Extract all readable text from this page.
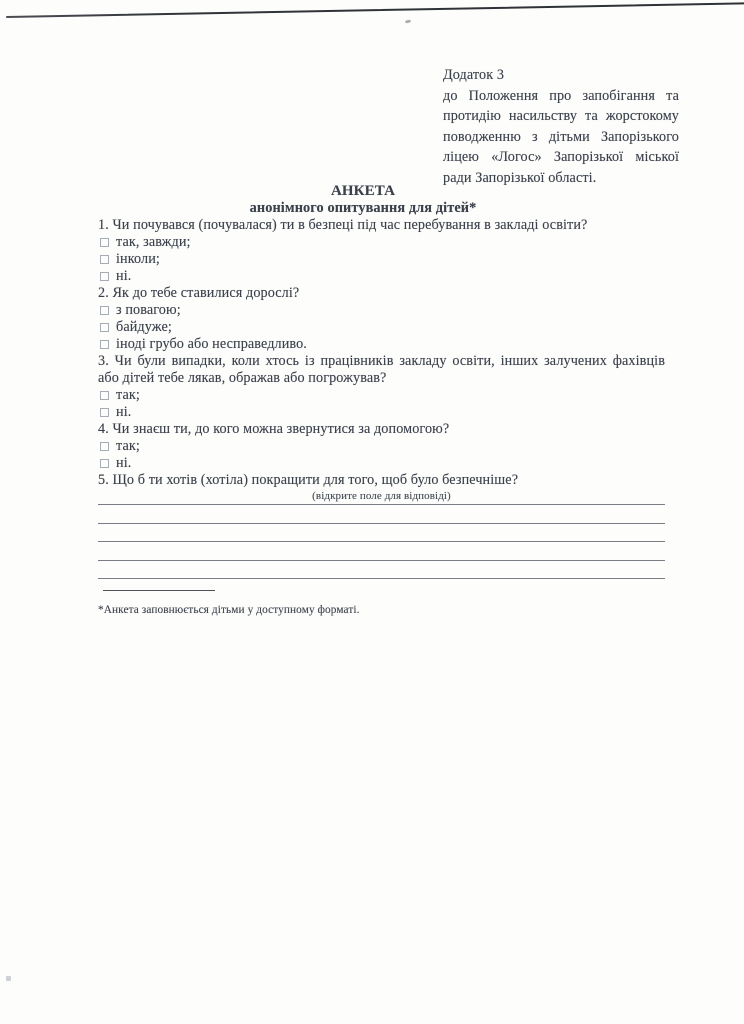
Додаток 3
до Положення про запобігання та
протидію насильству та жорстокому
поводженню з дітьми Запорізького
ліцею «Логос» Запорізької міської
ради Запорізької області.
АНКЕТА
анонімного опитування для дітей*
1. Чи почувався (почувалася) ти в безпеці під час перебування в закладі освіти?
так, завжди;
інколи;
ні.
2. Як до тебе ставилися дорослі?
з повагою;
байдуже;
іноді грубо або несправедливо.
3. Чи були випадки, коли хтось із працівників закладу освіти, інших залучених фахівців
або дітей тебе лякав, ображав або погрожував?
так;
ні.
4. Чи знаєш ти, до кого можна звернутися за допомогою?
так;
ні.
5. Що б ти хотів (хотіла) покращити для того, щоб було безпечніше?
(відкрите поле для відповіді)
*Анкета заповнюється дітьми у доступному форматі.
